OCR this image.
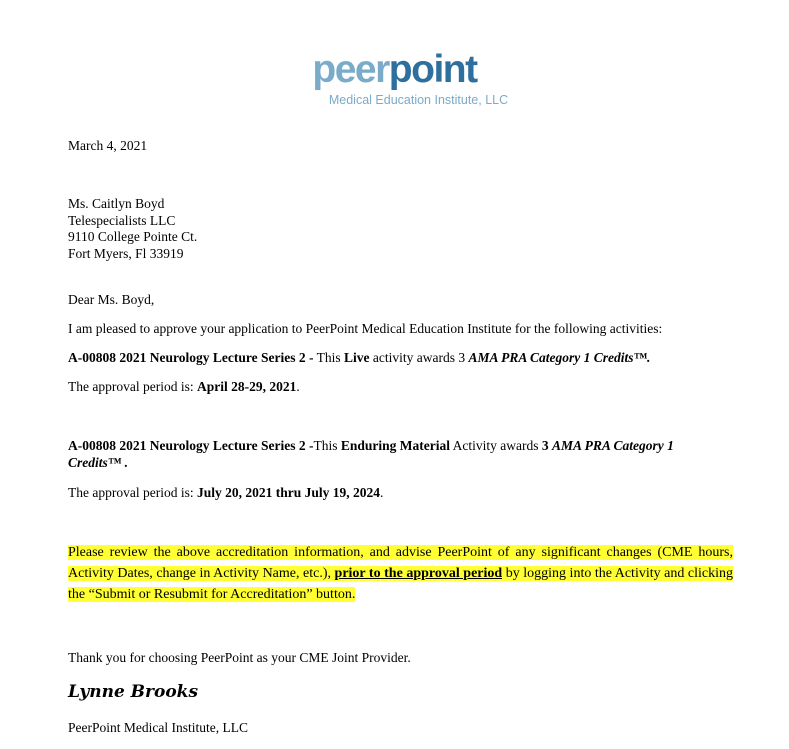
peerpoint
Medical Education Institute, LLC
March 4, 2021
Ms. Caitlyn Boyd
Telespecialists LLC
9110 College Pointe Ct.
Fort Myers, Fl 33919
Dear Ms. Boyd,
I am pleased to approve your application to PeerPoint Medical Education Institute for the following activities:
A-00808 2021 Neurology Lecture Series 2 - This Live activity awards 3 AMA PRA Category 1 Credits™.
The approval period is: April 28-29, 2021.
A-00808 2021 Neurology Lecture Series 2 -This Enduring Material Activity awards 3 AMA PRA Category 1
Credits™ .
The approval period is: July 20, 2021 thru July 19, 2024.
Please review the above accreditation information, and advise PeerPoint of any significant changes (CME hours, Activity Dates, change in Activity Name, etc.), prior to the approval period by logging into the Activity and clicking the “Submit or Resubmit for Accreditation” button.
Thank you for choosing PeerPoint as your CME Joint Provider.
Lynne Brooks
PeerPoint Medical Institute, LLC
